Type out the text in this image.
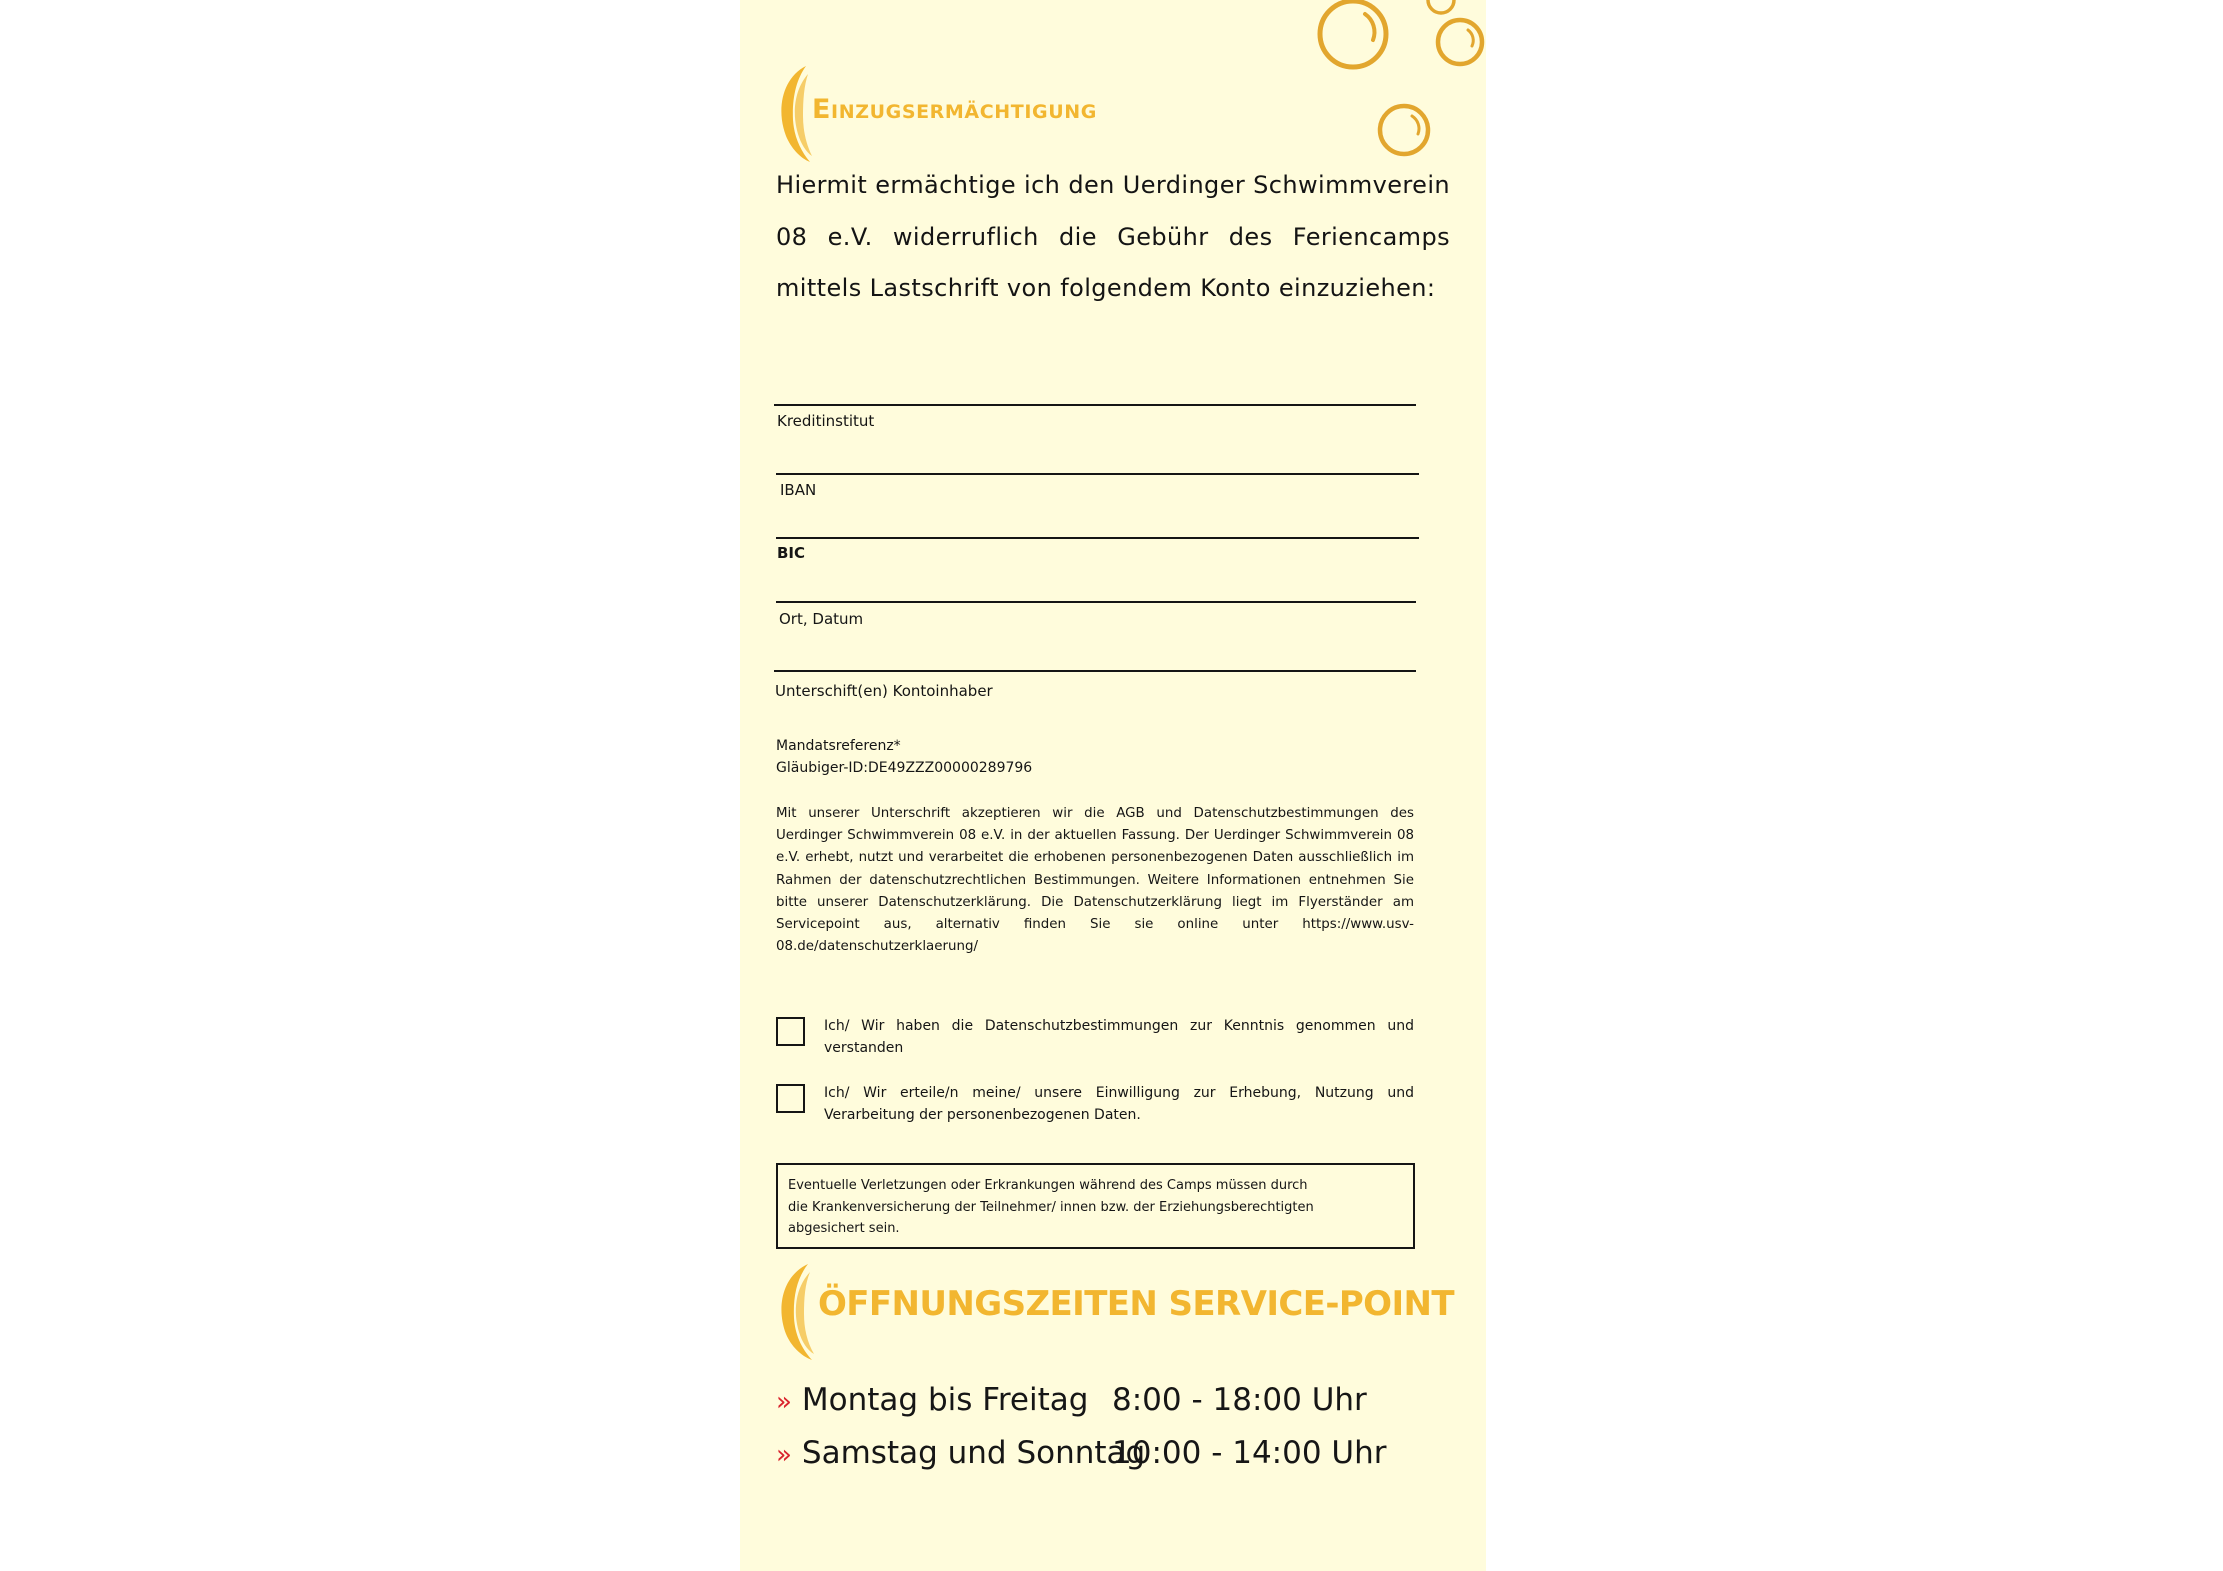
Einzugsermächtigung
Hiermit ermächtige ich den Uerdinger Schwimmverein 08 e.V. widerruflich die Gebühr des Feriencamps mittels Lastschrift von folgendem Konto einzuziehen:
Kreditinstitut
IBAN
BIC
Ort, Datum
Unterschift(en) Kontoinhaber
Mandatsreferenz*
Gläubiger-ID:DE49ZZZ00000289796
Mit unserer Unterschrift akzeptieren wir die AGB und Datenschutzbestimmungen des Uerdinger Schwimmverein 08 e.V. in der aktuellen Fassung. Der Uerdinger Schwimmverein 08 e.V. erhebt, nutzt und verarbeitet die erhobenen personenbezogenen Daten ausschließlich im Rahmen der datenschutzrechtlichen Bestimmungen. Weitere Informationen entnehmen Sie bitte unserer Datenschutzerklärung. Die Datenschutzerklärung liegt im Flyerständer am Servicepoint aus, alternativ finden Sie sie online unter https://www.usv-08.de/datenschutzerklaerung/
Ich/ Wir haben die Datenschutzbestimmungen zur Kenntnis genommen und verstanden
Ich/ Wir erteile/n meine/ unsere Einwilligung zur Erhebung, Nutzung und Verarbeitung der personenbezogenen Daten.
Eventuelle Verletzungen oder Erkrankungen während des Camps müssen durch
die Krankenversicherung der Teilnehmer/ innen bzw. der Erziehungsberechtigten
abgesichert sein.
ÖFFNUNGSZEITEN SERVICE-POINT
» Montag bis Freitag 8:00 - 18:00 Uhr
» Samstag und Sonntag
10:00 - 14:00 Uhr
